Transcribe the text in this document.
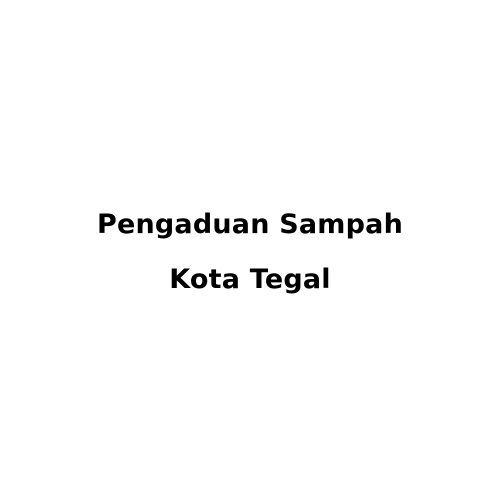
Pengaduan Sampah
Kota Tegal
